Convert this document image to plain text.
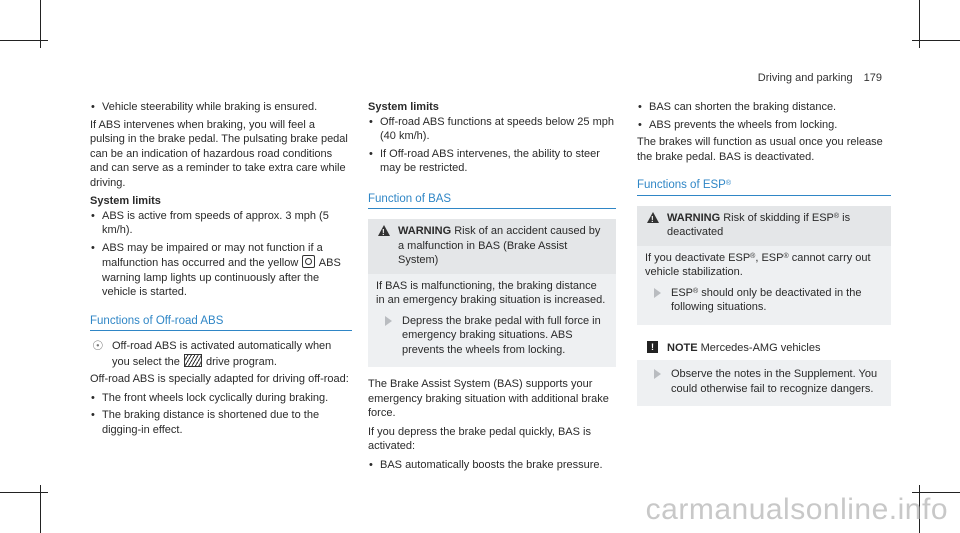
Driving and parking 179
• Vehicle steerability while braking is ensured.

If ABS intervenes when braking, you will feel a pulsing in the brake pedal. The pulsating brake pedal can be an indication of hazardous road conditions and can serve as a reminder to take extra care while driving.

System limits
• ABS is active from speeds of approx. 3 mph (5 km/h).
• ABS may be impaired or may not function if a malfunction has occurred and the yellow ABS warning lamp lights up continuously after the vehicle is started.
Functions of Off-road ABS
☉ Off-road ABS is activated automatically when you select the drive program.

Off-road ABS is specially adapted for driving off-road:

• The front wheels lock cyclically during braking.
• The braking distance is shortened due to the digging-in effect.
System limits
• Off-road ABS functions at speeds below 25 mph (40 km/h).
• If Off-road ABS intervenes, the ability to steer may be restricted.
Function of BAS
!
WARNING Risk of an accident caused by a malfunction in BAS (Brake Assist System)
If BAS is malfunctioning, the braking distance in an emergency braking situation is increased.
Depress the brake pedal with full force in emergency braking situations. ABS prevents the wheels from locking.

The Brake Assist System (BAS) supports your emergency braking situation with additional brake force.

If you depress the brake pedal quickly, BAS is activated:

• BAS automatically boosts the brake pressure.
• BAS can shorten the braking distance.
• ABS prevents the wheels from locking.

The brakes will function as usual once you release the brake pedal. BAS is deactivated.

Functions of ESP®
!
WARNING Risk of skidding if ESP® is deactivated
If you deactivate ESP®, ESP® cannot carry out vehicle stabilization.
ESP® should only be deactivated in the following situations.
!	NOTE Mercedes-AMG vehicles
Observe the notes in the Supplement. You could otherwise fail to recognize dangers.
carmanualsonline.info
